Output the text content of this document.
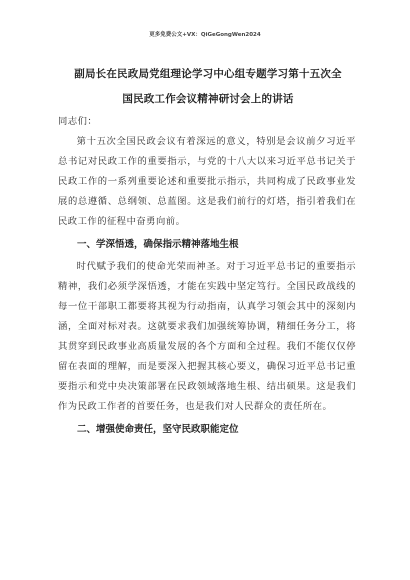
更多免费公文+VX：QiGeGongWen2024
副局长在民政局党组理论学习中心组专题学习第十五次全
国民政工作会议精神研讨会上的讲话

同志们：

第十五次全国民政会议有着深远的意义，特别是会议前夕习近平总书记对民政工作的重要指示，与党的十八大以来习近平总书记关于民政工作的一系列重要论述和重要批示指示，共同构成了民政事业发展的总遵循、总纲领、总蓝图。这是我们前行的灯塔，指引着我们在民政工作的征程中奋勇向前。

一、学深悟透，确保指示精神落地生根

时代赋予我们的使命光荣而神圣。对于习近平总书记的重要指示精神，我们必须学深悟透，才能在实践中坚定笃行。全国民政战线的每一位干部职工都要将其视为行动指南，认真学习领会其中的深刻内涵，全面对标对表。这就要求我们加强统筹协调，精细任务分工，将其贯穿到民政事业高质量发展的各个方面和全过程。我们不能仅仅停留在表面的理解，而是要深入把握其核心要义，确保习近平总书记重要指示和党中央决策部署在民政领域落地生根、结出硕果。这是我们作为民政工作者的首要任务，也是我们对人民群众的责任所在。

二、增强使命责任，坚守民政职能定位
